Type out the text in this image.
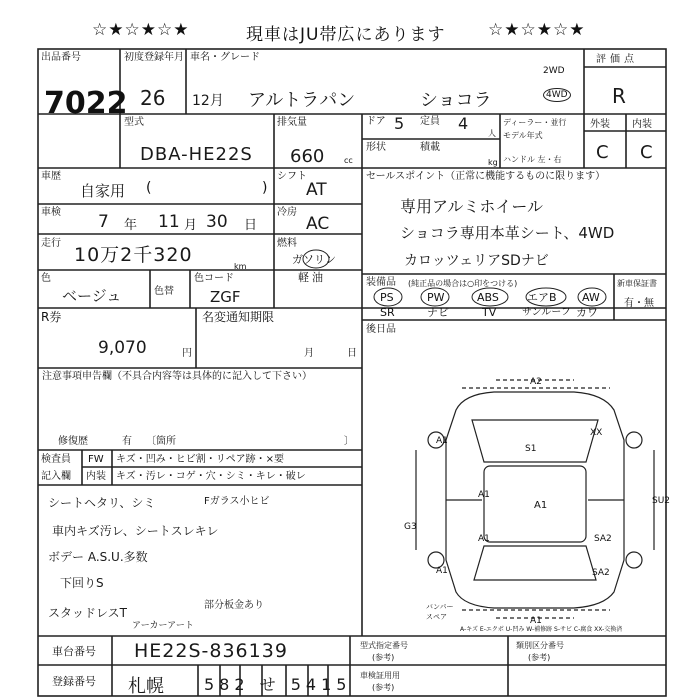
☆★☆★☆★	現車はJU帯広にあります	☆★☆★☆★
出品番号
7022
初度登録年月
26 12月
車名・グレード
アルトラパン	ショコラ
2WD
4WD
評価点
R
型式
DBA-HE22S
排気量
660 cc
ドア 5 定員 4
人
ディーラー・並行
モデル年式
ハンドル 左・右
形状	積載
kg
外装 内装
C C
車歴
自家用 (	)
シフト
AT
セールスポイント（正常に機能するものに限ります）
専用アルミホイール
ショコラ専用本革シート、4WD
カロッツェリアSDナビ
車検 7 年 11 月 30 日
冷房
AC
走行
10万2千320
km
燃料
ガソリン
軽油
色
ベージュ	色替
色コード
ZGF
装備品 (純正品の場合は○印をつける)
PS	PW	ABS	エアB AW
SR	ナビ	TV	サンルーフ カワ
新車保証書
有・無
R券
9,070	円
名変通知期限
月	日
後日品
注意事項申告欄（不具合内容等は具体的に記入して下さい）
修復歴	有 〔箇所	〕
検査員
記入欄
FW キズ・凹み・ヒビ割・リペア跡・×要
内装 キズ・汚レ・コゲ・穴・シミ・キレ・破レ
シートヘタリ、シミ
車内キズ汚レ、シートスレキレ
ボデー A.S.U.多数
下回りS
スタッドレスT
Fガラス小ヒビ
アーカーアート
部分板金あり
A2
S1
XX
A1
A1
A1	SU2
A1
A1
SA2
G3
A1
SA2
バンパー スペア
A-キズ E-エクボ U-凹み W-補修跡 S-サビ C-腐食 XX-交換済
車台番号 HE22S-836139
登録番号 札幌	582 せ 5415
型式指定番号
(参考)
類別区分番号
(参考)
車検証用用
(参考)
